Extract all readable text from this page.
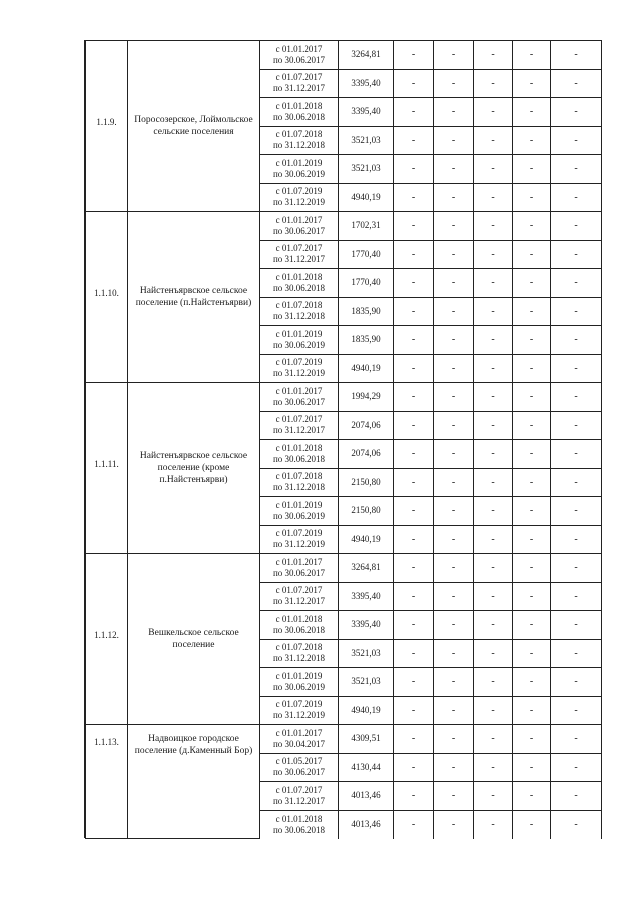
1.1.9.	Поросозерское, Лоймольское сельские поселения	с 01.01.2017
по 30.06.2017	3264,81	-	-	-	-	-

		с 01.07.2017
по 31.12.2017	3395,40	-	-	-	-	-

		с 01.01.2018
по 30.06.2018	3395,40	-	-	-	-	-

		с 01.07.2018
по 31.12.2018	3521,03	-	-	-	-	-

		с 01.01.2019
по 30.06.2019	3521,03	-	-	-	-	-

		с 01.07.2019
по 31.12.2019	4940,19	-	-	-	-	-
1.1.10.	Найстенъярвское сельское поселение (п.Найстенъярви)	с 01.01.2017
по 30.06.2017	1702,31	-	-	-	-	-

		с 01.07.2017
по 31.12.2017	1770,40	-	-	-	-	-

		с 01.01.2018
по 30.06.2018	1770,40	-	-	-	-	-

		с 01.07.2018
по 31.12.2018	1835,90	-	-	-	-	-

		с 01.01.2019
по 30.06.2019	1835,90	-	-	-	-	-

		с 01.07.2019
по 31.12.2019	4940,19	-	-	-	-	-
1.1.11.	Найстенъярвское сельское поселение (кроме п.Найстенъярви)	с 01.01.2017
по 30.06.2017	1994,29	-	-	-	-	-

		с 01.07.2017
по 31.12.2017	2074,06	-	-	-	-	-

		с 01.01.2018
по 30.06.2018	2074,06	-	-	-	-	-

		с 01.07.2018
по 31.12.2018	2150,80	-	-	-	-	-

		с 01.01.2019
по 30.06.2019	2150,80	-	-	-	-	-

		с 01.07.2019
по 31.12.2019	4940,19	-	-	-	-	-
1.1.12.	Вешкельское сельское поселение	с 01.01.2017
по 30.06.2017	3264,81	-	-	-	-	-

		с 01.07.2017
по 31.12.2017	3395,40	-	-	-	-	-

		с 01.01.2018
по 30.06.2018	3395,40	-	-	-	-	-

		с 01.07.2018
по 31.12.2018	3521,03	-	-	-	-	-

		с 01.01.2019
по 30.06.2019	3521,03	-	-	-	-	-

		с 01.07.2019
по 31.12.2019	4940,19	-	-	-	-	-
1.1.13.	Надвоицкое городское поселение (д.Каменный Бор)	с 01.01.2017
по 30.04.2017	4309,51	-	-	-	-	-

		с 01.05.2017
по 30.06.2017	4130,44	-	-	-	-	-

		с 01.07.2017
по 31.12.2017	4013,46	-	-	-	-	-

		с 01.01.2018
по 30.06.2018	4013,46	-	-	-	-	-
